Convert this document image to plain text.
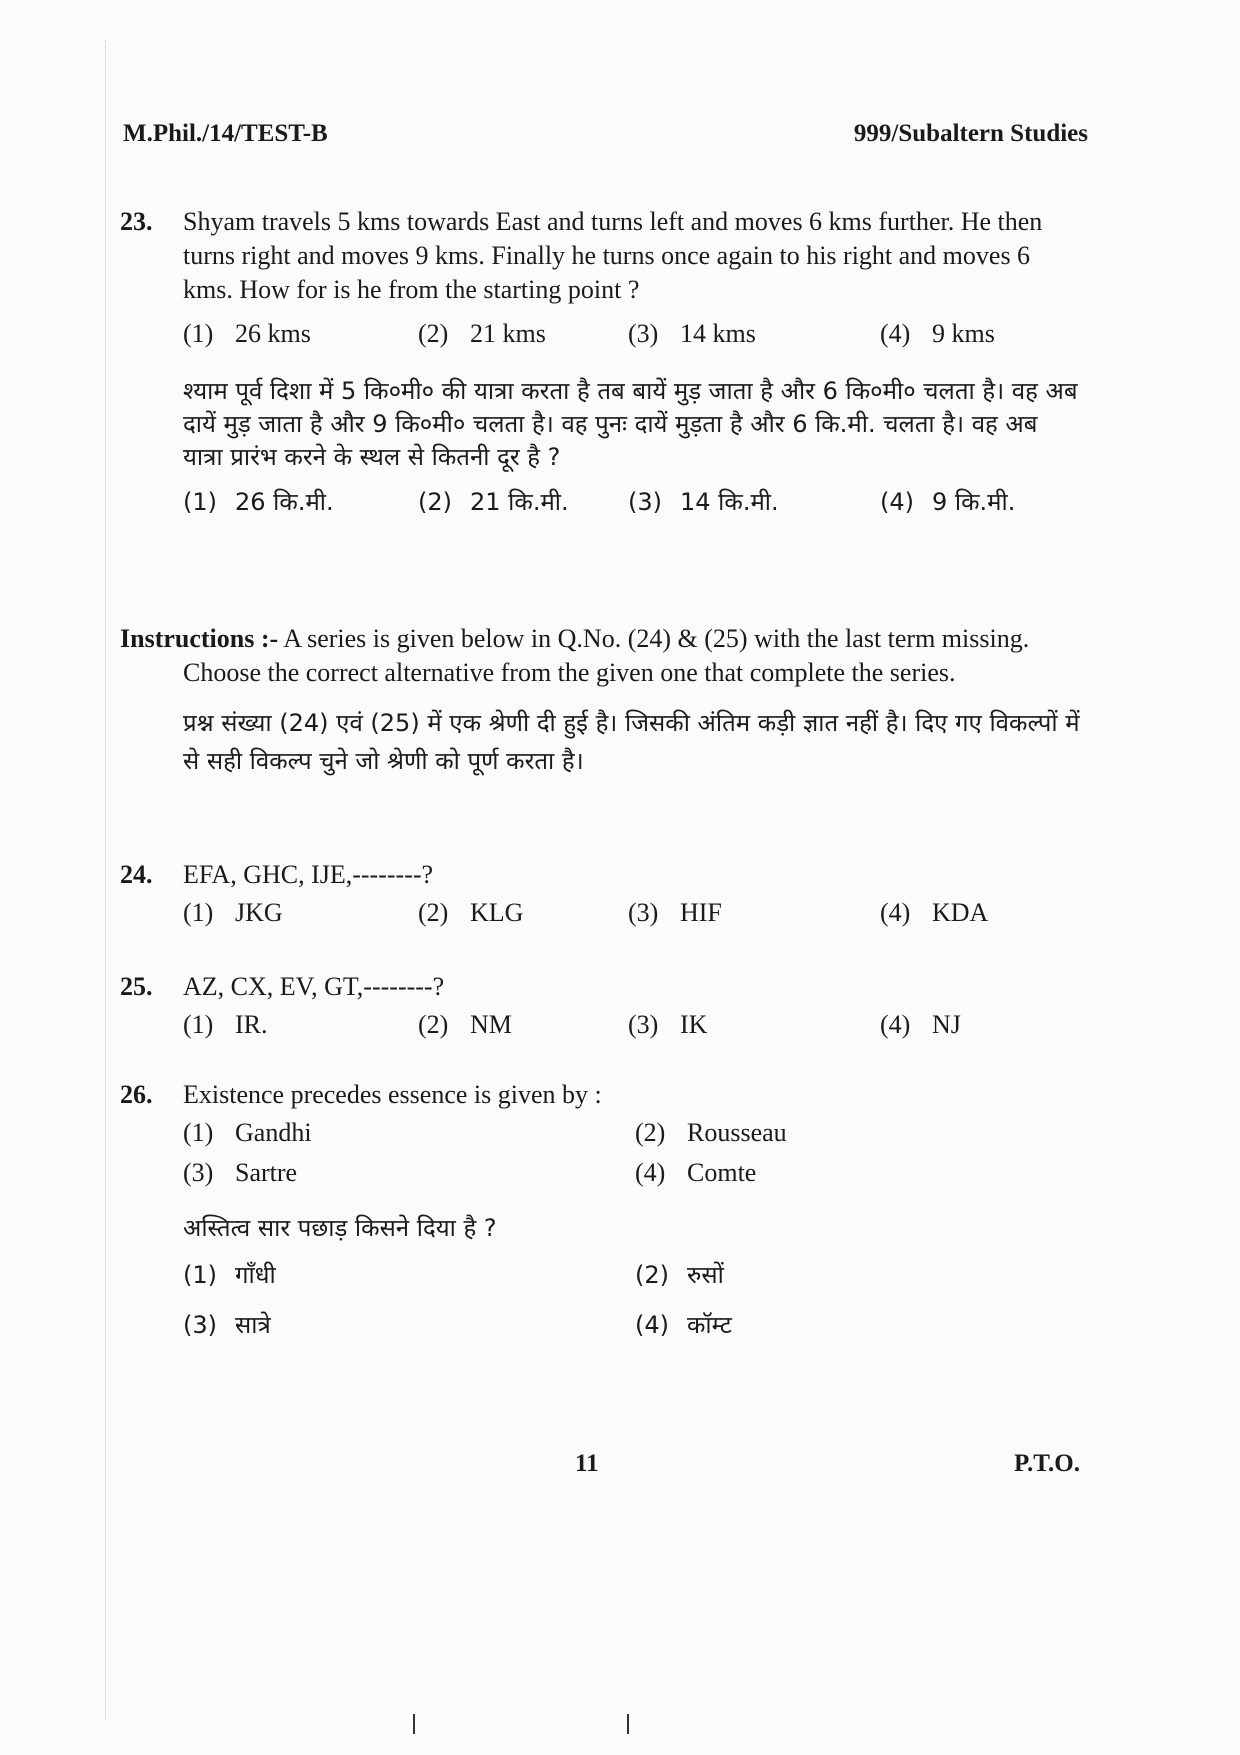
M.Phil./14/TEST-B	999/Subaltern Studies
23. Shyam travels 5 kms towards East and turns left and moves 6 kms further. He then turns right and moves 9 kms. Finally he turns once again to his right and moves 6 kms. How for is he from the starting point ?
(1) 26 kms	(2) 21 kms	(3) 14 kms	(4) 9 kms
श्याम पूर्व दिशा में 5 कि०मी० की यात्रा करता है तब बायें मुड़ जाता है और 6 कि०मी० चलता है। वह अब दायें मुड़ जाता है और 9 कि०मी० चलता है। वह पुनः दायें मुड़ता है और 6 कि.मी. चलता है। वह अब यात्रा प्रारंभ करने के स्थल से कितनी दूर है ?
(1) 26 कि.मी.	(2) 21 कि.मी. (3) 14 कि.मी.	(4) 9 कि.मी.
Instructions :- A series is given below in Q.No. (24) & (25) with the last term missing. Choose the correct alternative from the given one that complete the series.
प्रश्न संख्या (24) एवं (25) में एक श्रेणी दी हुई है। जिसकी अंतिम कड़ी ज्ञात नहीं है। दिए गए विकल्पों में से सही विकल्प चुने जो श्रेणी को पूर्ण करता है।
24. EFA, GHC, IJE,--------?
(1) JKG	(2) KLG	(3) HIF	(4) KDA
25. AZ, CX, EV, GT,--------?
(1) IR.	(2) NM	(3) IK	(4) NJ
26. Existence precedes essence is given by :
(1) Gandhi	(2) Rousseau
(3) Sartre	(4) Comte
अस्तित्व सार पछाड़ किसने दिया है ?
(1) गाँधी	(2) रुसों
(3) सात्रे	(4) कॉम्ट
11	P.T.O.
